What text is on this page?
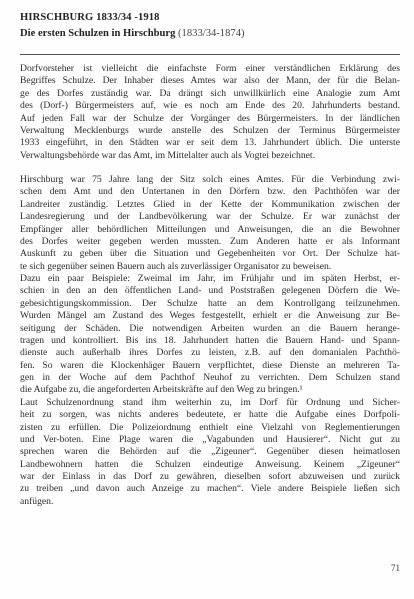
HIRSCHBURG 1833/34 -1918

Die ersten Schulzen in Hirschburg (1833/34-1874)

Dorfvorsteher ist vielleicht die einfachste Form einer verständlichen Erklärung des
Begriffes Schulze. Der Inhaber dieses Amtes war also der Mann, der für die Belan-
ge des Dorfes zuständig war. Da drängt sich unwillkürlich eine Analogie zum Amt
des (Dorf-) Bürgermeisters auf, wie es noch am Ende des 20. Jahrhunderts bestand.
Auf jeden Fall war der Schulze der Vorgänger des Bürgermeisters. In der ländlichen
Verwaltung Mecklenburgs wurde anstelle des Schulzen der Terminus Bürgermeister
1933 eingeführt, in den Städten war er seit dem 13. Jahrhundert üblich. Die unterste
Verwaltungsbehörde war das Amt, im Mittelalter auch als Vogtei bezeichnet.

Hirschburg war 75 Jahre lang der Sitz solch eines Amtes. Für die Verbindung zwi-
schen dem Amt und den Untertanen in den Dörfern bzw. den Pachthöfen war der
Landreiter zuständig. Letztes Glied in der Kette der Kommunikation zwischen der
Landesregierung und der Landbevölkerung war der Schulze. Er war zunächst der
Empfänger aller behördlichen Mitteilungen und Anweisungen, die an die Bewohner
des Dorfes weiter gegeben werden mussten. Zum Anderen hatte er als Informant
Auskunft zu geben über die Situation und Gegebenheiten vor Ort. Der Schulze hat-
te sich gegenüber seinen Bauern auch als zuverlässiger Organisator zu beweisen.
Dazu ein paar Beispiele: Zweimal im Jahr, im Frühjahr und im späten Herbst, er-
schien in den an den öffentlichen Land- und Poststraßen gelegenen Dörfern die We-
gebesichtigungskommission. Der Schulze hatte an dem Kontrollgang teilzunehmen.
Wurden Mängel am Zustand des Weges festgestellt, erhielt er die Anweisung zur Be-
seitigung der Schäden. Die notwendigen Arbeiten wurden an die Bauern herange-
tragen und kontrolliert. Bis ins 18. Jahrhundert hatten die Bauern Hand- und Spann-
dienste auch außerhalb ihres Dorfes zu leisten, z.B. auf den domanialen Pachthö-
fen. So waren die Klockenhäger Bauern verpflichtet, diese Dienste an mehreren Ta-
gen in der Woche auf dem Pachthof Neuhof zu verrichten. Dem Schulzen stand
die Aufgabe zu, die angeforderten Arbeitskräfte auf den Weg zu bringen.¹
Laut Schulzenordnung stand ihm weiterhin zu, im Dorf für Ordnung und Sicher-
heit zu sorgen, was nichts anderes bedeutete, er hatte die Aufgabe eines Dorfpoli-
zisten zu erfüllen. Die Polizeiordnung enthielt eine Vielzahl von Reglementierungen
und Ver-boten. Eine Plage waren die „Vagabunden und Hausierer“. Nicht gut zu
sprechen waren die Behörden auf die „Zigeuner“. Gegenüber diesen heimatlosen
Landbewohnern hatten die Schulzen eindeutige Anweisung. Keinem „Zigeuner“
war der Einlass in das Dorf zu gewähren, dieselben sofort abzuweisen und zurück
zu treiben „und davon auch Anzeige zu machen“. Viele andere Beispiele ließen sich
anfügen.

71
